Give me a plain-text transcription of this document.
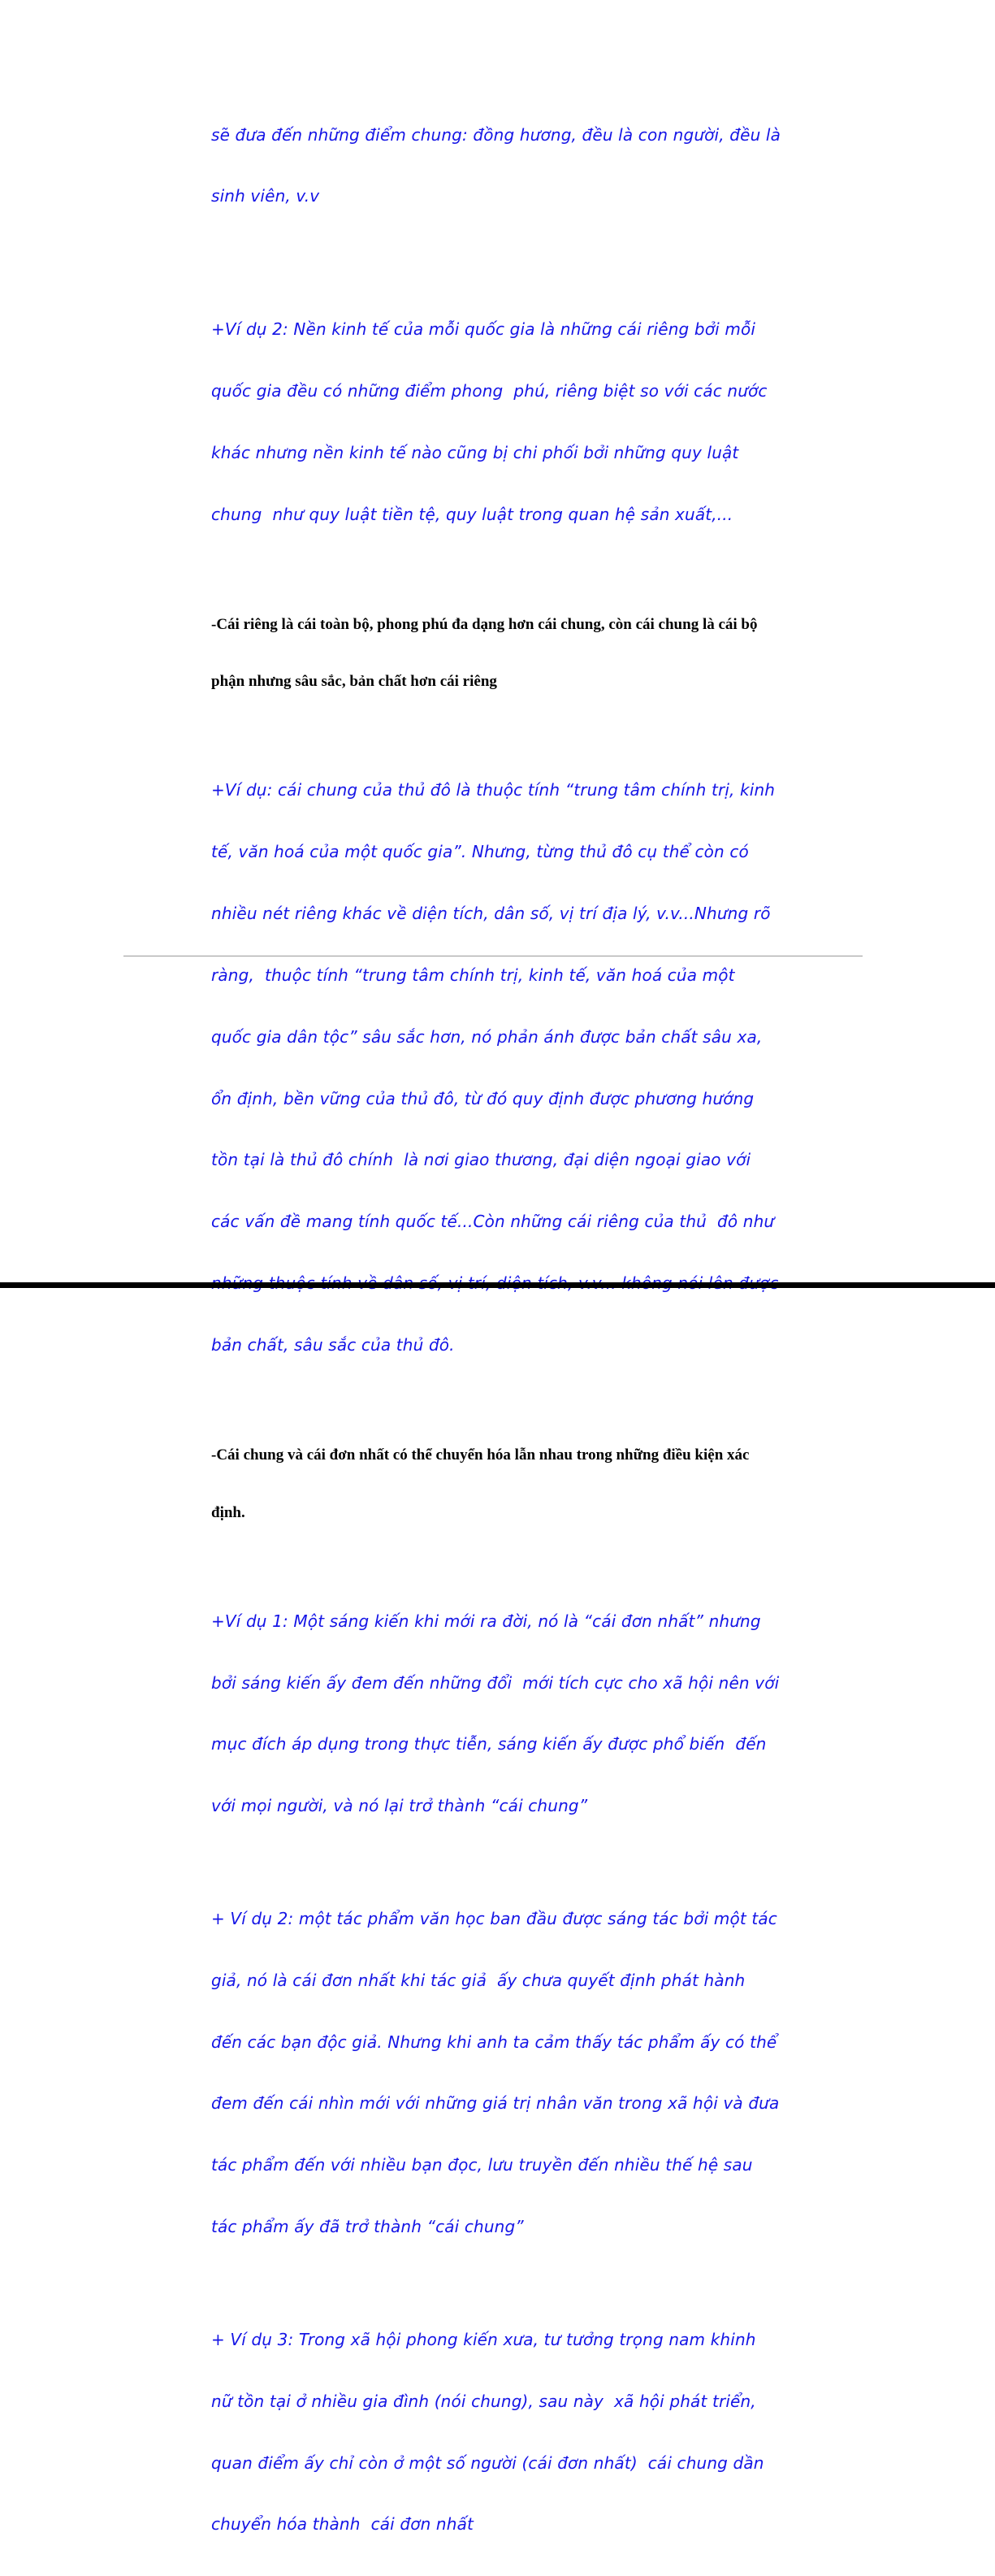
sẽ đưa đến những điểm chung: đồng hương, đều là con người, đều là

sinh viên, v.v

+Ví dụ 2: Nền kinh tế của mỗi quốc gia là những cái riêng bởi mỗi

quốc gia đều có những điểm phong  phú, riêng biệt so với các nước

khác nhưng nền kinh tế nào cũng bị chi phối bởi những quy luật

chung  như quy luật tiền tệ, quy luật trong quan hệ sản xuất,...

-Cái riêng là cái toàn bộ, phong phú đa dạng hơn cái chung, còn cái chung là cái bộ

phận nhưng sâu sắc, bản chất hơn cái riêng

+Ví dụ: cái chung của thủ đô là thuộc tính “trung tâm chính trị, kinh

tế, văn hoá của một quốc gia”. Nhưng, từng thủ đô cụ thể còn có

nhiều nét riêng khác về diện tích, dân số, vị trí địa lý, v.v...Nhưng rõ

ràng,  thuộc tính “trung tâm chính trị, kinh tế, văn hoá của một

quốc gia dân tộc” sâu sắc hơn, nó phản ánh được bản chất sâu xa,

ổn định, bền vững của thủ đô, từ đó quy định được phương hướng

tồn tại là thủ đô chính  là nơi giao thương, đại diện ngoại giao với

các vấn đề mang tính quốc tế...Còn những cái riêng của thủ  đô như

bản chất, sâu sắc của thủ đô.

-Cái chung và cái đơn nhất có thể chuyển hóa lẫn nhau trong những điều kiện xác

định.

+Ví dụ 1: Một sáng kiến khi mới ra đời, nó là “cái đơn nhất” nhưng

bởi sáng kiến ấy đem đến những đổi  mới tích cực cho xã hội nên với

mục đích áp dụng trong thực tiễn, sáng kiến ấy được phổ biến  đến

với mọi người, và nó lại trở thành “cái chung”

+ Ví dụ 2: một tác phẩm văn học ban đầu được sáng tác bởi một tác

giả, nó là cái đơn nhất khi tác giả  ấy chưa quyết định phát hành

đến các bạn độc giả. Nhưng khi anh ta cảm thấy tác phẩm ấy có thể

đem đến cái nhìn mới với những giá trị nhân văn trong xã hội và đưa

tác phẩm đến với nhiều bạn đọc, lưu truyền đến nhiều thế hệ sau

tác phẩm ấy đã trở thành “cái chung”

+ Ví dụ 3: Trong xã hội phong kiến xưa, tư tưởng trọng nam khinh

nữ tồn tại ở nhiều gia đình (nói chung), sau này  xã hội phát triển,

quan điểm ấy chỉ còn ở một số người (cái đơn nhất)  cái chung dần

chuyển hóa thành  cái đơn nhất
